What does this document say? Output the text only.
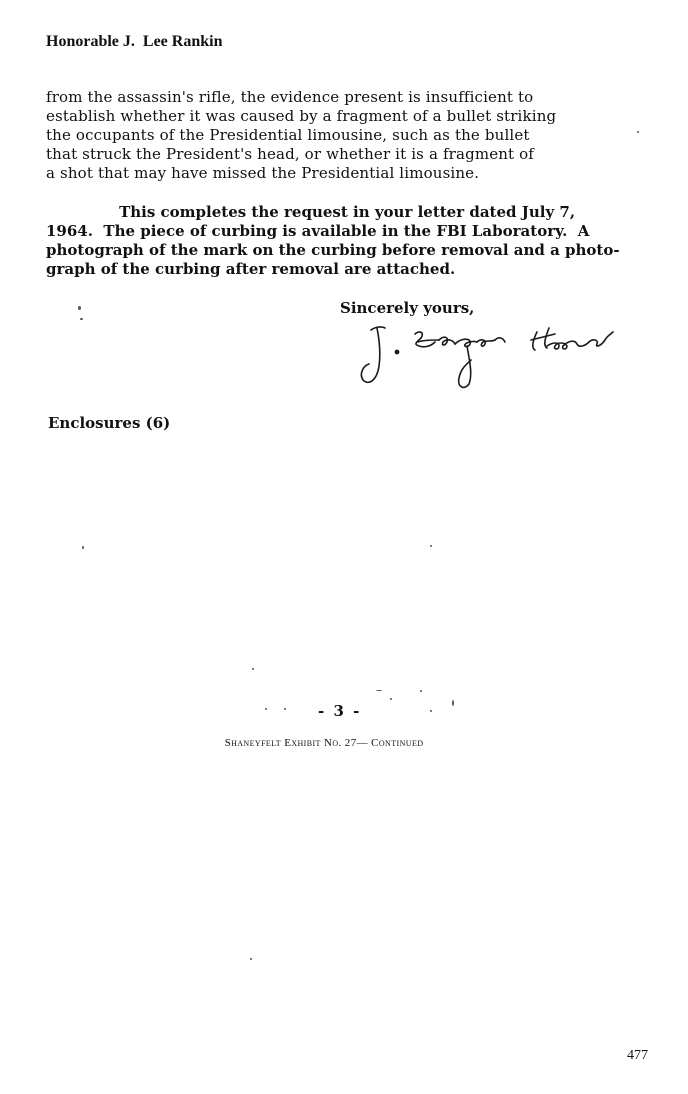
Honorable J.  Lee Rankin
from the assassin's rifle, the evidence present is insufficient to
establish whether it was caused by a fragment of a bullet striking
the occupants of the Presidential limousine, such as the bullet
that struck the President's head, or whether it is a fragment of
a shot that may have missed the Presidential limousine.
This completes the request in your letter dated July 7,
1964.  The piece of curbing is available in the FBI Laboratory.  A
photograph of the mark on the curbing before removal and a photo-
graph of the curbing after removal are attached.
Sincerely yours,
Enclosures (6)
- 3 -
Shaneyfelt Exhibit No. 27— Continued
477
